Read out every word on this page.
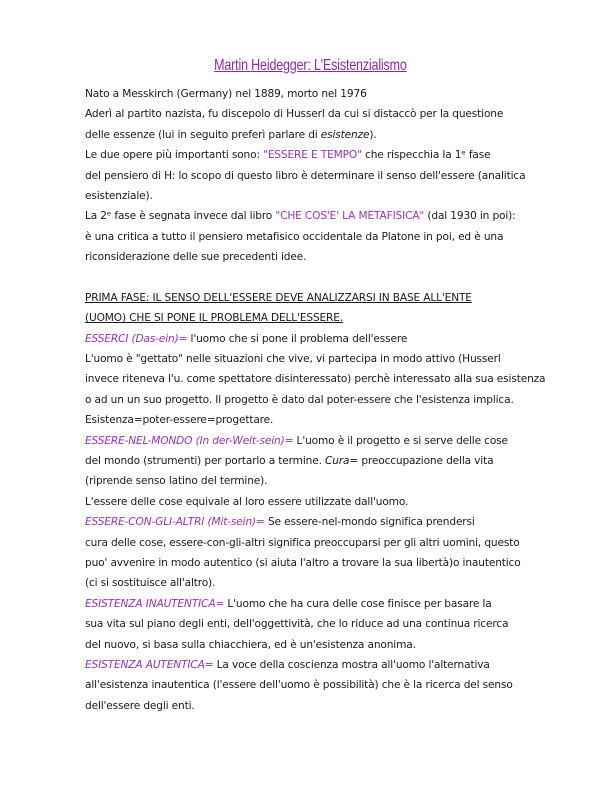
Martin Heidegger: L'Esistenzialismo
Nato a Messkirch (Germany) nel 1889, morto nel 1976
Aderì al partito nazista, fu discepolo di Husserl da cui si distaccò per la questione
delle essenze (lui in seguito preferì parlare di esistenze).
Le due opere più importanti sono: "ESSERE E TEMPO" che rispecchia la 1ᵉ fase
del pensiero di H: lo scopo di questo libro è determinare il senso dell'essere (analitica
esistenziale).
La 2ᵉ fase è segnata invece dal libro "CHE COS'E' LA METAFISICA" (dal 1930 in poi):
è una critica a tutto il pensiero metafisico occidentale da Platone in poi, ed è una
riconsiderazione delle sue precedenti idee.
PRIMA FASE: IL SENSO DELL'ESSERE DEVE ANALIZZARSI IN BASE ALL'ENTE
(UOMO) CHE SI PONE IL PROBLEMA DELL'ESSERE.
ESSERCI (Das-ein)= l'uomo che si pone il problema dell'essere
L'uomo è "gettato" nelle situazioni che vive, vi partecipa in modo attivo (Husserl
invece riteneva l'u. come spettatore disinteressato) perchè interessato alla sua esistenza
o ad un un suo progetto. Il progetto è dato dal poter-essere che l'esistenza implica.
Esistenza=poter-essere=progettare.
ESSERE-NEL-MONDO (In der-Welt-sein)= L'uomo è il progetto e si serve delle cose
del mondo (strumenti) per portarlo a termine. Cura= preoccupazione della vita
(riprende senso latino del termine).
L'essere delle cose equivale al loro essere utilizzate dall'uomo.
ESSERE-CON-GLI-ALTRI (Mit-sein)= Se essere-nel-mondo significa prendersi
cura delle cose, essere-con-gli-altri significa preoccuparsi per gli altri uomini, questo
puo' avvenire in modo autentico (si aiuta l'altro a trovare la sua libertà)o inautentico
(ci si sostituisce all'altro).
ESISTENZA INAUTENTICA= L'uomo che ha cura delle cose finisce per basare la
sua vita sul piano degli enti, dell'oggettività, che lo riduce ad una continua ricerca
del nuovo, si basa sulla chiacchiera, ed è un'esistenza anonima.
ESISTENZA AUTENTICA= La voce della coscienza mostra all'uomo l'alternativa
all'esistenza inautentica (l'essere dell'uomo è possibilità) che è la ricerca del senso
dell'essere degli enti.
